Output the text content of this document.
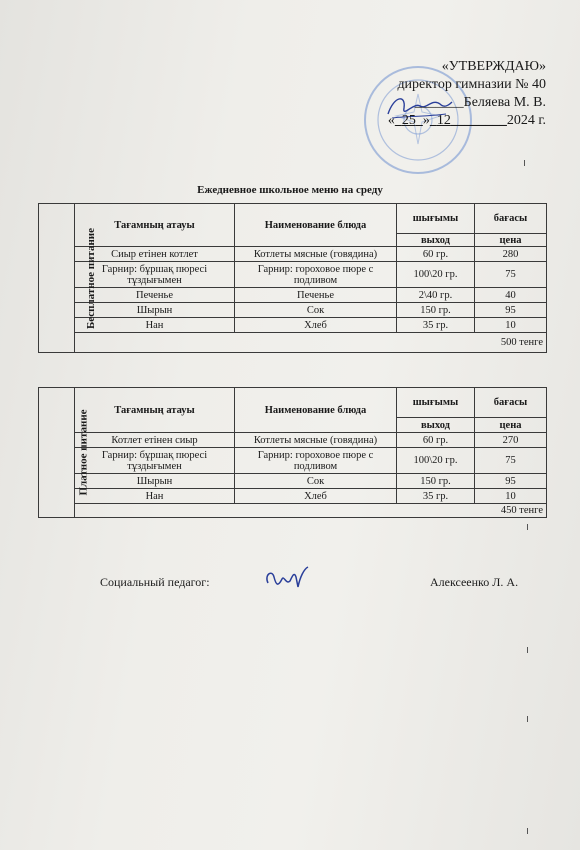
«УТВЕРЖДАЮ»
директор гимназии № 40
_______Беляева М. В.
« 25 » 12________2024 г.
Ежедневное школьное меню на среду
Бесплатное питание	Тағамның атауы	Наименование блюда	шығымы	бағасы
			выход	цена
	Сиыр етінен котлет	Котлеты мясные (говядина)	60 гр.	280
	Гарнир: бұршақ пюресі тұздығымен	Гарнир: гороховое пюре с подливом	100\20 гр.	75
	Печенье	Печенье	2\40 гр.	40
	Шырын	Сок	150 гр.	95
	Нан	Хлеб	35 гр.	10
	500 тенге			
Платное питание	Тағамның атауы	Наименование блюда	шығымы	бағасы
			выход	цена
	Котлет етінен сиыр	Котлеты мясные (говядина)	60 гр.	270
	Гарнир: бұршақ пюресі тұздығымен	Гарнир: гороховое пюре с подливом	100\20 гр.	75
	Шырын	Сок	150 гр.	95
	Нан	Хлеб	35 гр.	10
	450 тенге			
Социальный педагог:	Алексеенко Л. А.
